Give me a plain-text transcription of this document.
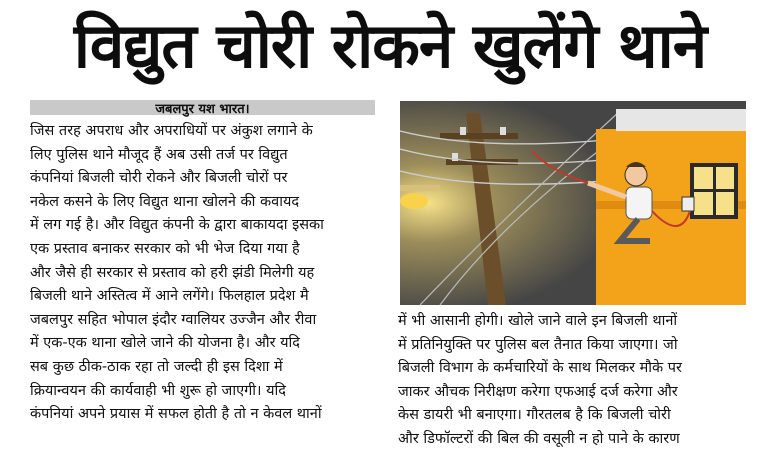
विद्युत चोरी रोकने खुलेंगे थाने
जबलपुर यश भारत।

जिस तरह अपराध और अपराधियों पर अंकुश लगाने के

लिए पुलिस थाने मौजूद हैं अब उसी तर्ज पर विद्युत

कंपनियां बिजली चोरी रोकने और बिजली चोरों पर

नकेल कसने के लिए विद्युत थाना खोलने की कवायद

में लग गई है। और विद्युत कंपनी के द्वारा बाकायदा इसका

एक प्रस्ताव बनाकर सरकार को भी भेज दिया गया है

और जैसे ही सरकार से प्रस्ताव को हरी झंडी मिलेगी यह

बिजली थाने अस्तित्व में आने लगेंगे। फिलहाल प्रदेश मै

जबलपुर सहित भोपाल इंदौर ग्वालियर उज्जैन और रीवा

में एक-एक थाना खोले जाने की योजना है। और यदि

सब कुछ ठीक-ठाक रहा तो जल्दी ही इस दिशा में

क्रियान्वयन की कार्यवाही भी शुरू हो जाएगी। यदि

कंपनियां अपने प्रयास में सफल होती है तो न केवल थानों

में भी आसानी होगी। खोले जाने वाले इन बिजली थानों

में प्रतिनियुक्ति पर पुलिस बल तैनात किया जाएगा। जो

बिजली विभाग के कर्मचारियों के साथ मिलकर मौके पर

जाकर औचक निरीक्षण करेगा एफआई दर्ज करेगा और

केस डायरी भी बनाएगा। गौरतलब है कि बिजली चोरी

और डिफॉल्टरों की बिल की वसूली न हो पाने के कारण
